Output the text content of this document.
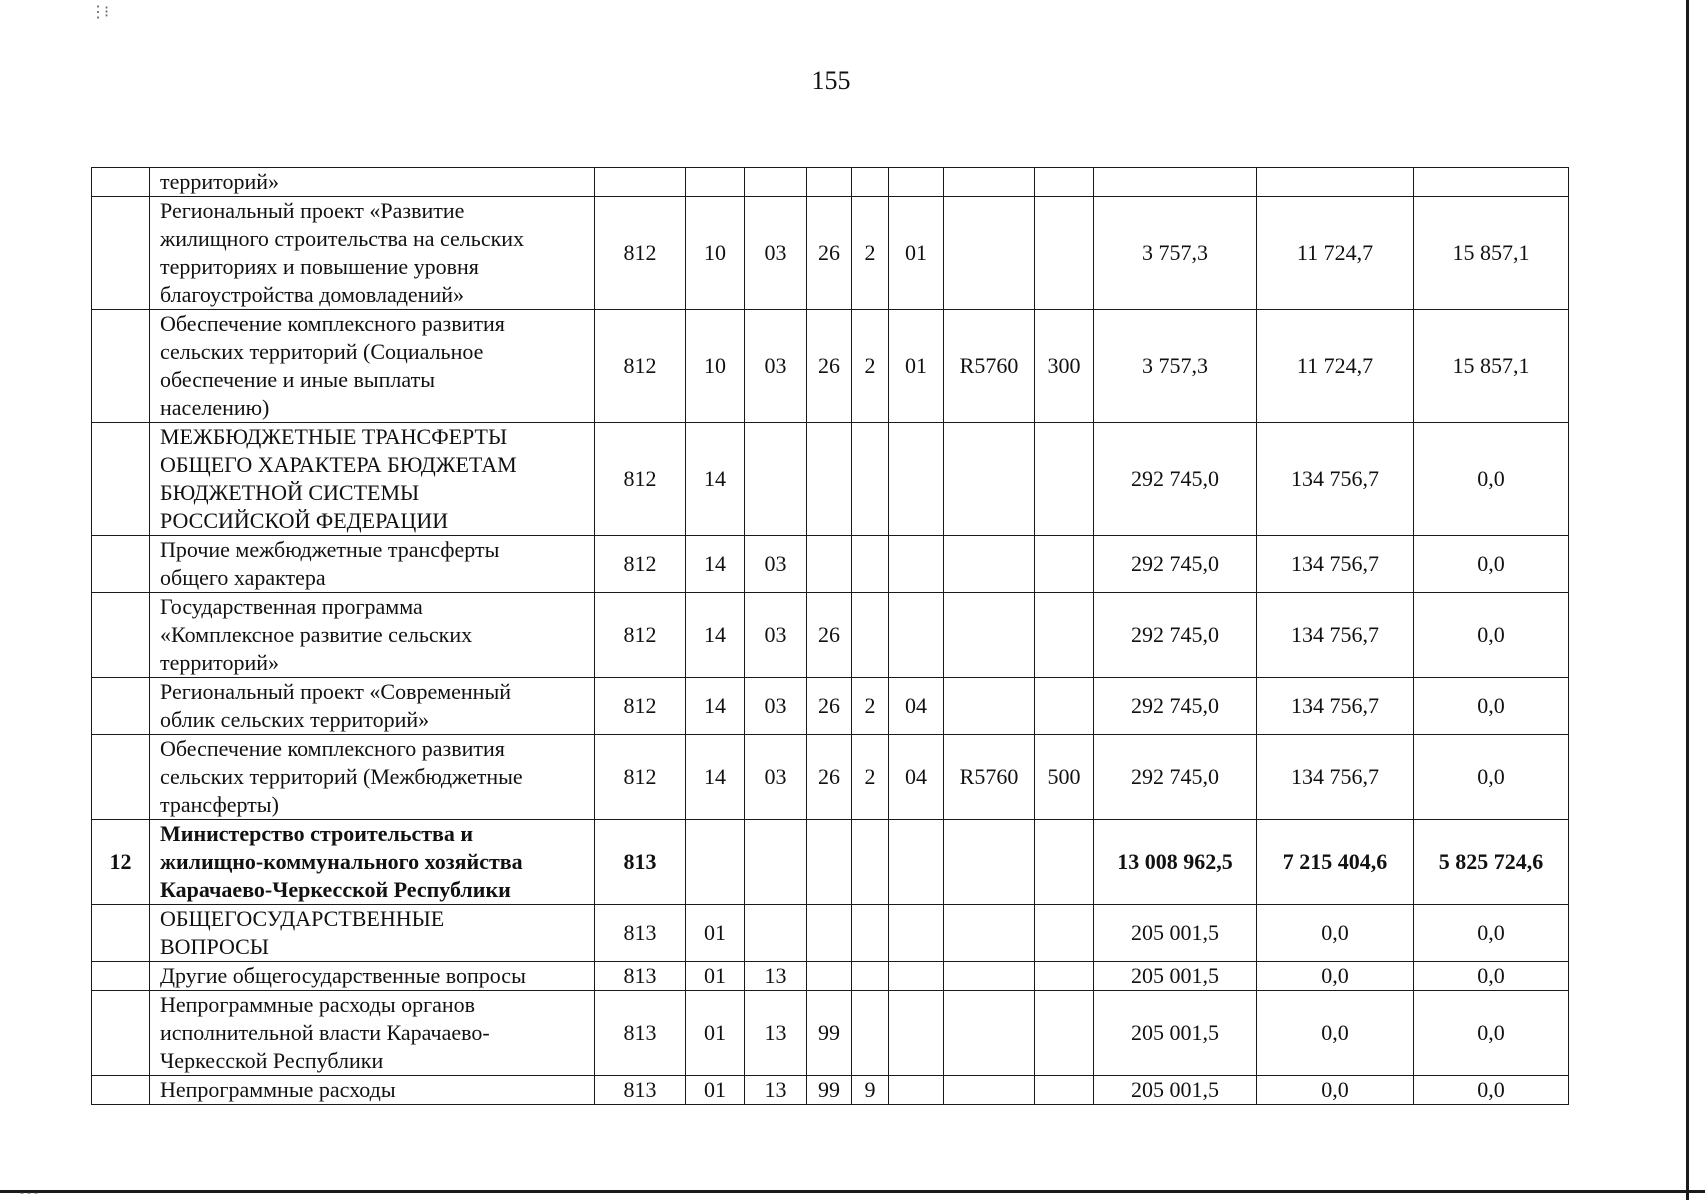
⋮⁝
155
	территорий»											
	Региональный проект «Развитие
жилищного строительства на сельских
территориях и повышение уровня
благоустройства домовладений»	812	10	03	26	2	01			3 757,3	11 724,7	15 857,1
	Обеспечение комплексного развития
сельских территорий (Социальное
обеспечение и иные выплаты
населению)	812	10	03	26	2	01	R5760	300	3 757,3	11 724,7	15 857,1
	МЕЖБЮДЖЕТНЫЕ ТРАНСФЕРТЫ
ОБЩЕГО ХАРАКТЕРА БЮДЖЕТАМ
БЮДЖЕТНОЙ СИСТЕМЫ
РОССИЙСКОЙ ФЕДЕРАЦИИ	812	14							292 745,0	134 756,7	0,0
	Прочие межбюджетные трансферты
общего характера	812	14	03						292 745,0	134 756,7	0,0
	Государственная программа
«Комплексное развитие сельских
территорий»	812	14	03	26					292 745,0	134 756,7	0,0
	Региональный проект «Современный
облик сельских территорий»	812	14	03	26	2	04			292 745,0	134 756,7	0,0
	Обеспечение комплексного развития
сельских территорий (Межбюджетные
трансферты)	812	14	03	26	2	04	R5760	500	292 745,0	134 756,7	0,0
12	Министерство строительства и
жилищно-коммунального хозяйства
Карачаево-Черкесской Республики	813								13 008 962,5	7 215 404,6	5 825 724,6
	ОБЩЕГОСУДАРСТВЕННЫЕ
ВОПРОСЫ	813	01							205 001,5	0,0	0,0
	Другие общегосударственные вопросы	813	01	13						205 001,5	0,0	0,0
	Непрограммные расходы органов
исполнительной власти Карачаево-
Черкесской Республики	813	01	13	99					205 001,5	0,0	0,0
	Непрограммные расходы	813	01	13	99	9				205 001,5	0,0	0,0
- - -
